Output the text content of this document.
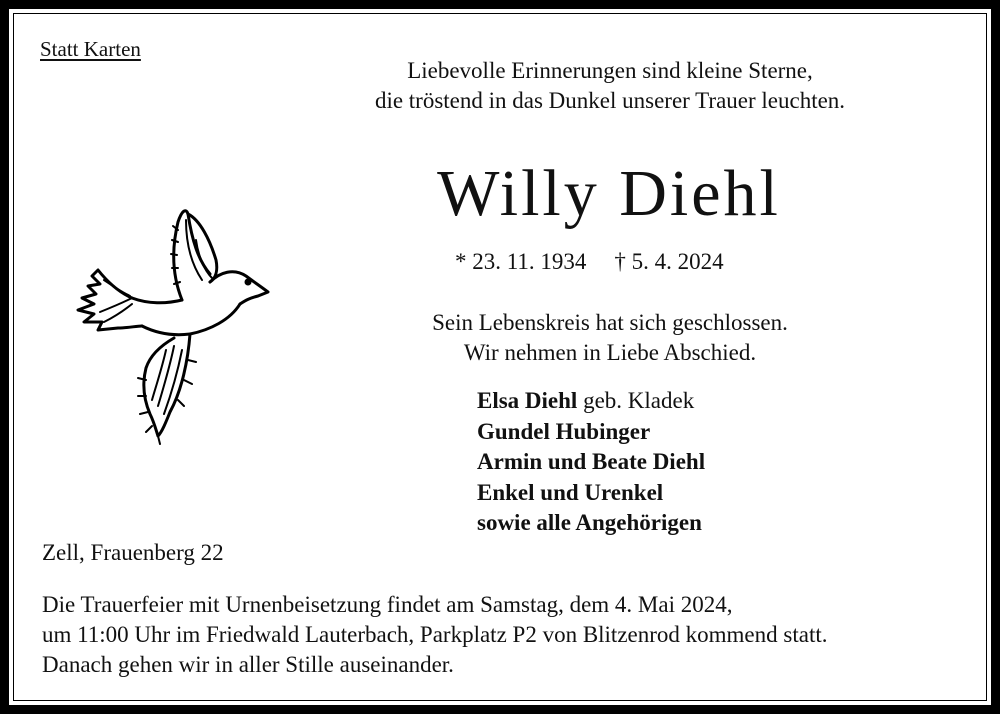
Statt Karten
Liebevolle Erinnerungen sind kleine Sterne,
die tröstend in das Dunkel unserer Trauer leuchten.
Willy Diehl
* 23. 11. 1934 † 5. 4. 2024
Sein Lebenskreis hat sich geschlossen.
Wir nehmen in Liebe Abschied.
Elsa Diehl geb. Kladek
Gundel Hubinger
Armin und Beate Diehl
Enkel und Urenkel
sowie alle Angehörigen
Zell, Frauenberg 22
Die Trauerfeier mit Urnenbeisetzung findet am Samstag, dem 4. Mai 2024,
um 11:00 Uhr im Friedwald Lauterbach, Parkplatz P2 von Blitzenrod kommend statt.
Danach gehen wir in aller Stille auseinander.
